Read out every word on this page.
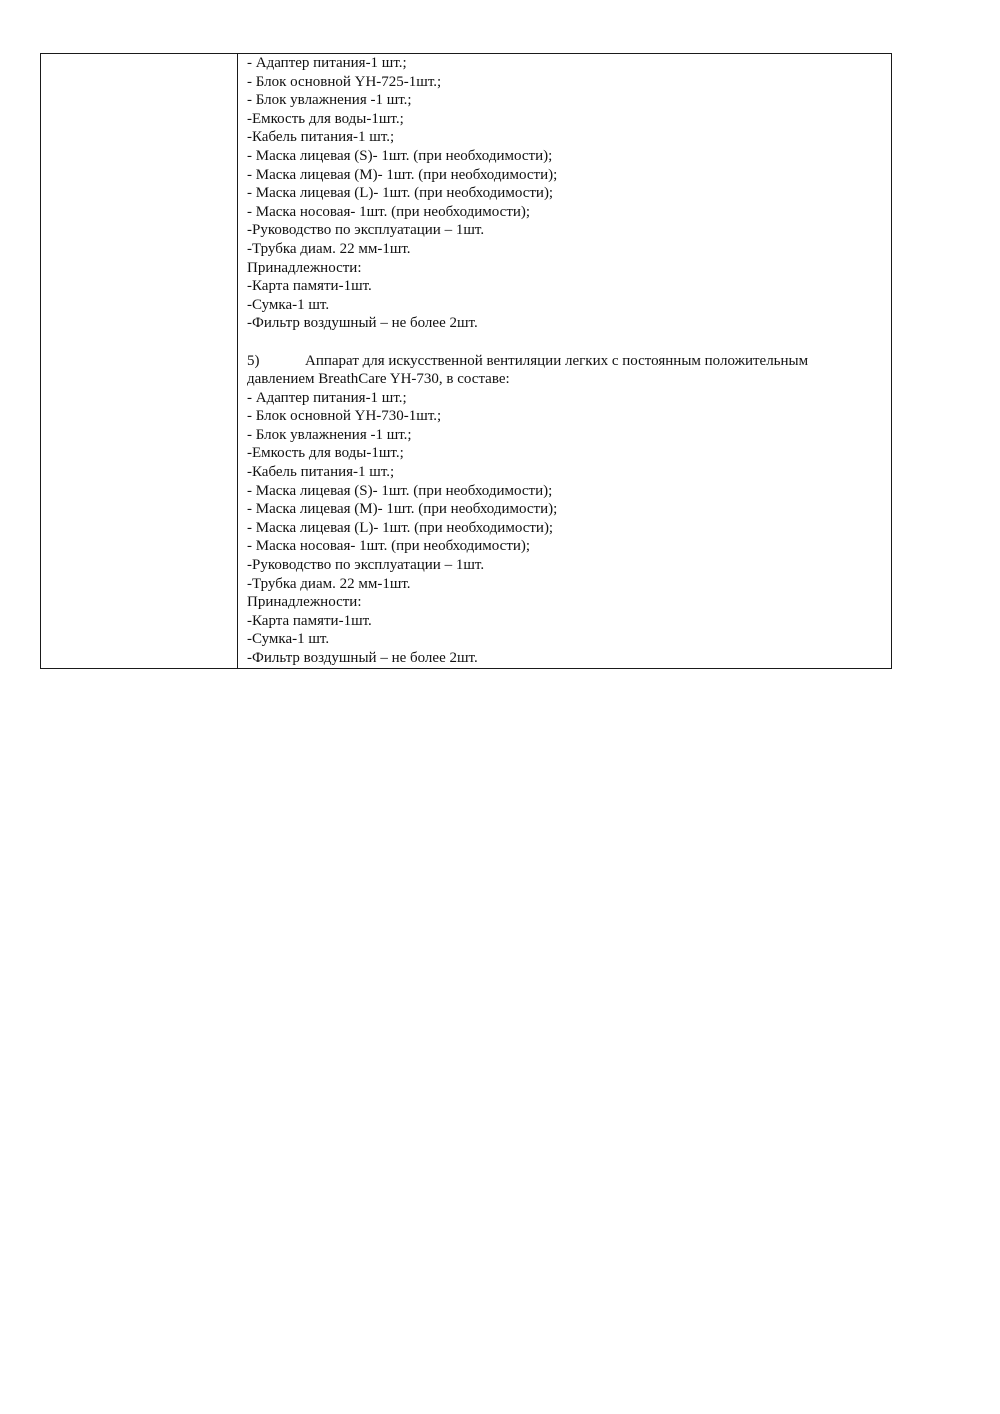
- Адаптер питания-1 шт.;
- Блок основной YH-725-1шт.;
- Блок увлажнения -1 шт.;
-Емкость для воды-1шт.;
-Кабель питания-1 шт.;
- Маска лицевая (S)- 1шт. (при необходимости);
- Маска лицевая (M)- 1шт. (при необходимости);
- Маска лицевая (L)- 1шт. (при необходимости);
- Маска носовая- 1шт. (при необходимости);
-Руководство по эксплуатации – 1шт.
-Трубка диам. 22 мм-1шт.
Принадлежности:
-Карта памяти-1шт.
-Сумка-1 шт.
-Фильтр воздушный – не более 2шт.
5)	Аппарат для искусственной вентиляции легких с постоянным положительным
давлением BreathCare YH-730, в составе:
- Адаптер питания-1 шт.;
- Блок основной YH-730-1шт.;
- Блок увлажнения -1 шт.;
-Емкость для воды-1шт.;
-Кабель питания-1 шт.;
- Маска лицевая (S)- 1шт. (при необходимости);
- Маска лицевая (M)- 1шт. (при необходимости);
- Маска лицевая (L)- 1шт. (при необходимости);
- Маска носовая- 1шт. (при необходимости);
-Руководство по эксплуатации – 1шт.
-Трубка диам. 22 мм-1шт.
Принадлежности:
-Карта памяти-1шт.
-Сумка-1 шт.
-Фильтр воздушный – не более 2шт.
